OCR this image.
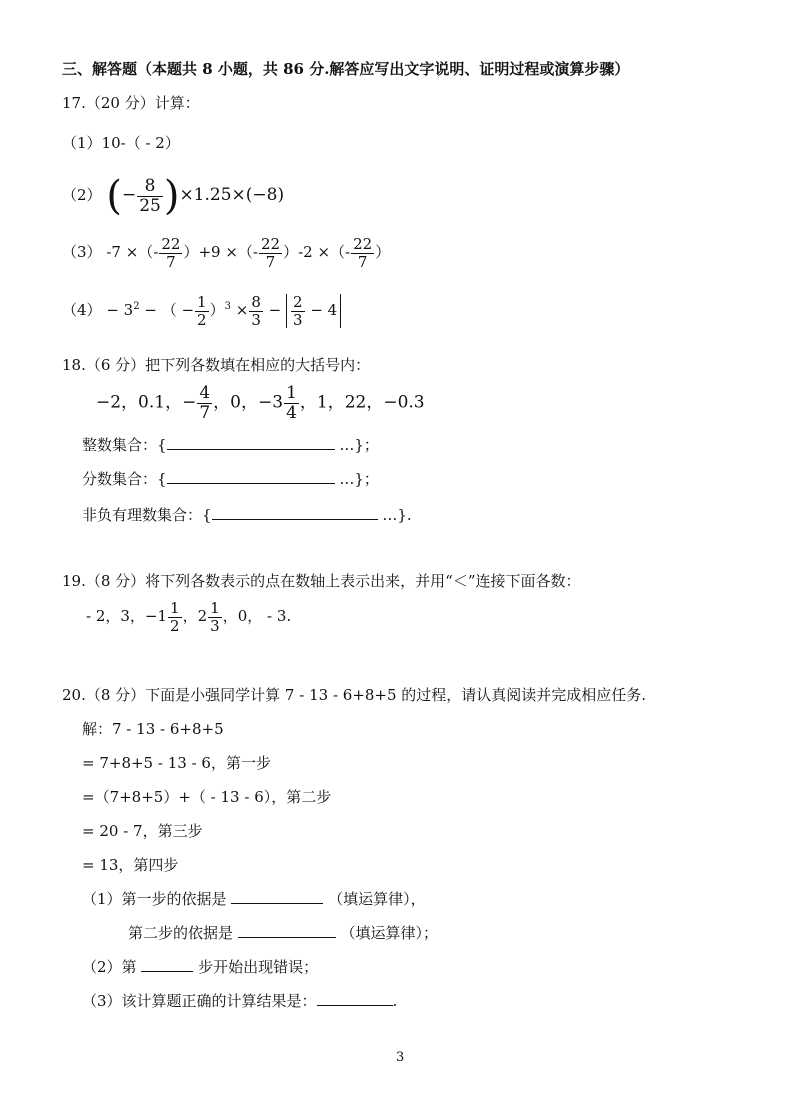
三、解答题（本题共 8 小题，共 86 分.解答应写出文字说明、证明过程或演算步骤）
17.（20 分）计算：
（1）10-（ - 2）
（2） (− $\frac{8}{25} )\times 1.25\times(-8)$
（3） -7 ×（- $\frac{22}{7} )+9$ ×（- $\frac{22}{7} )-2$ ×（- $\frac{22}{7}$ ）
$(4) - 3^2$ − （ − $\frac{1}{2} )^3 \times \frac{8}{3} - \frac{2}{3} - 4$
18.（6 分）把下列各数填在相应的大括号内：
−2，0.1，− $\frac{4}{7}$ ，0，$-3 \frac{1}{4}$ ，1，22，−0.3
整数集合：{	…}；
分数集合：{	…}；
非负有理数集合：{	…}.
19.（8 分）将下列各数表示的点在数轴上表示出来，并用“＜”连接下面各数：
- 2，3，$-1 \frac{1}{2}$ ，$2 \frac{1}{3}$ ，0， - 3.
20.（8 分）下面是小强同学计算 7 - 13 - 6+8+5 的过程，请认真阅读并完成相应任务.
解：7 - 13 - 6+8+5
= 7+8+5 - 13 - 6，第一步
=（7+8+5）+（ - 13 - 6），第二步
= 20 - 7，第三步
= 13，第四步
（1）第一步的依据是	（填运算律），
第二步的依据是	（填运算律）；
（2）第	步开始出现错误；
（3）该计算题正确的计算结果是：	.
3
